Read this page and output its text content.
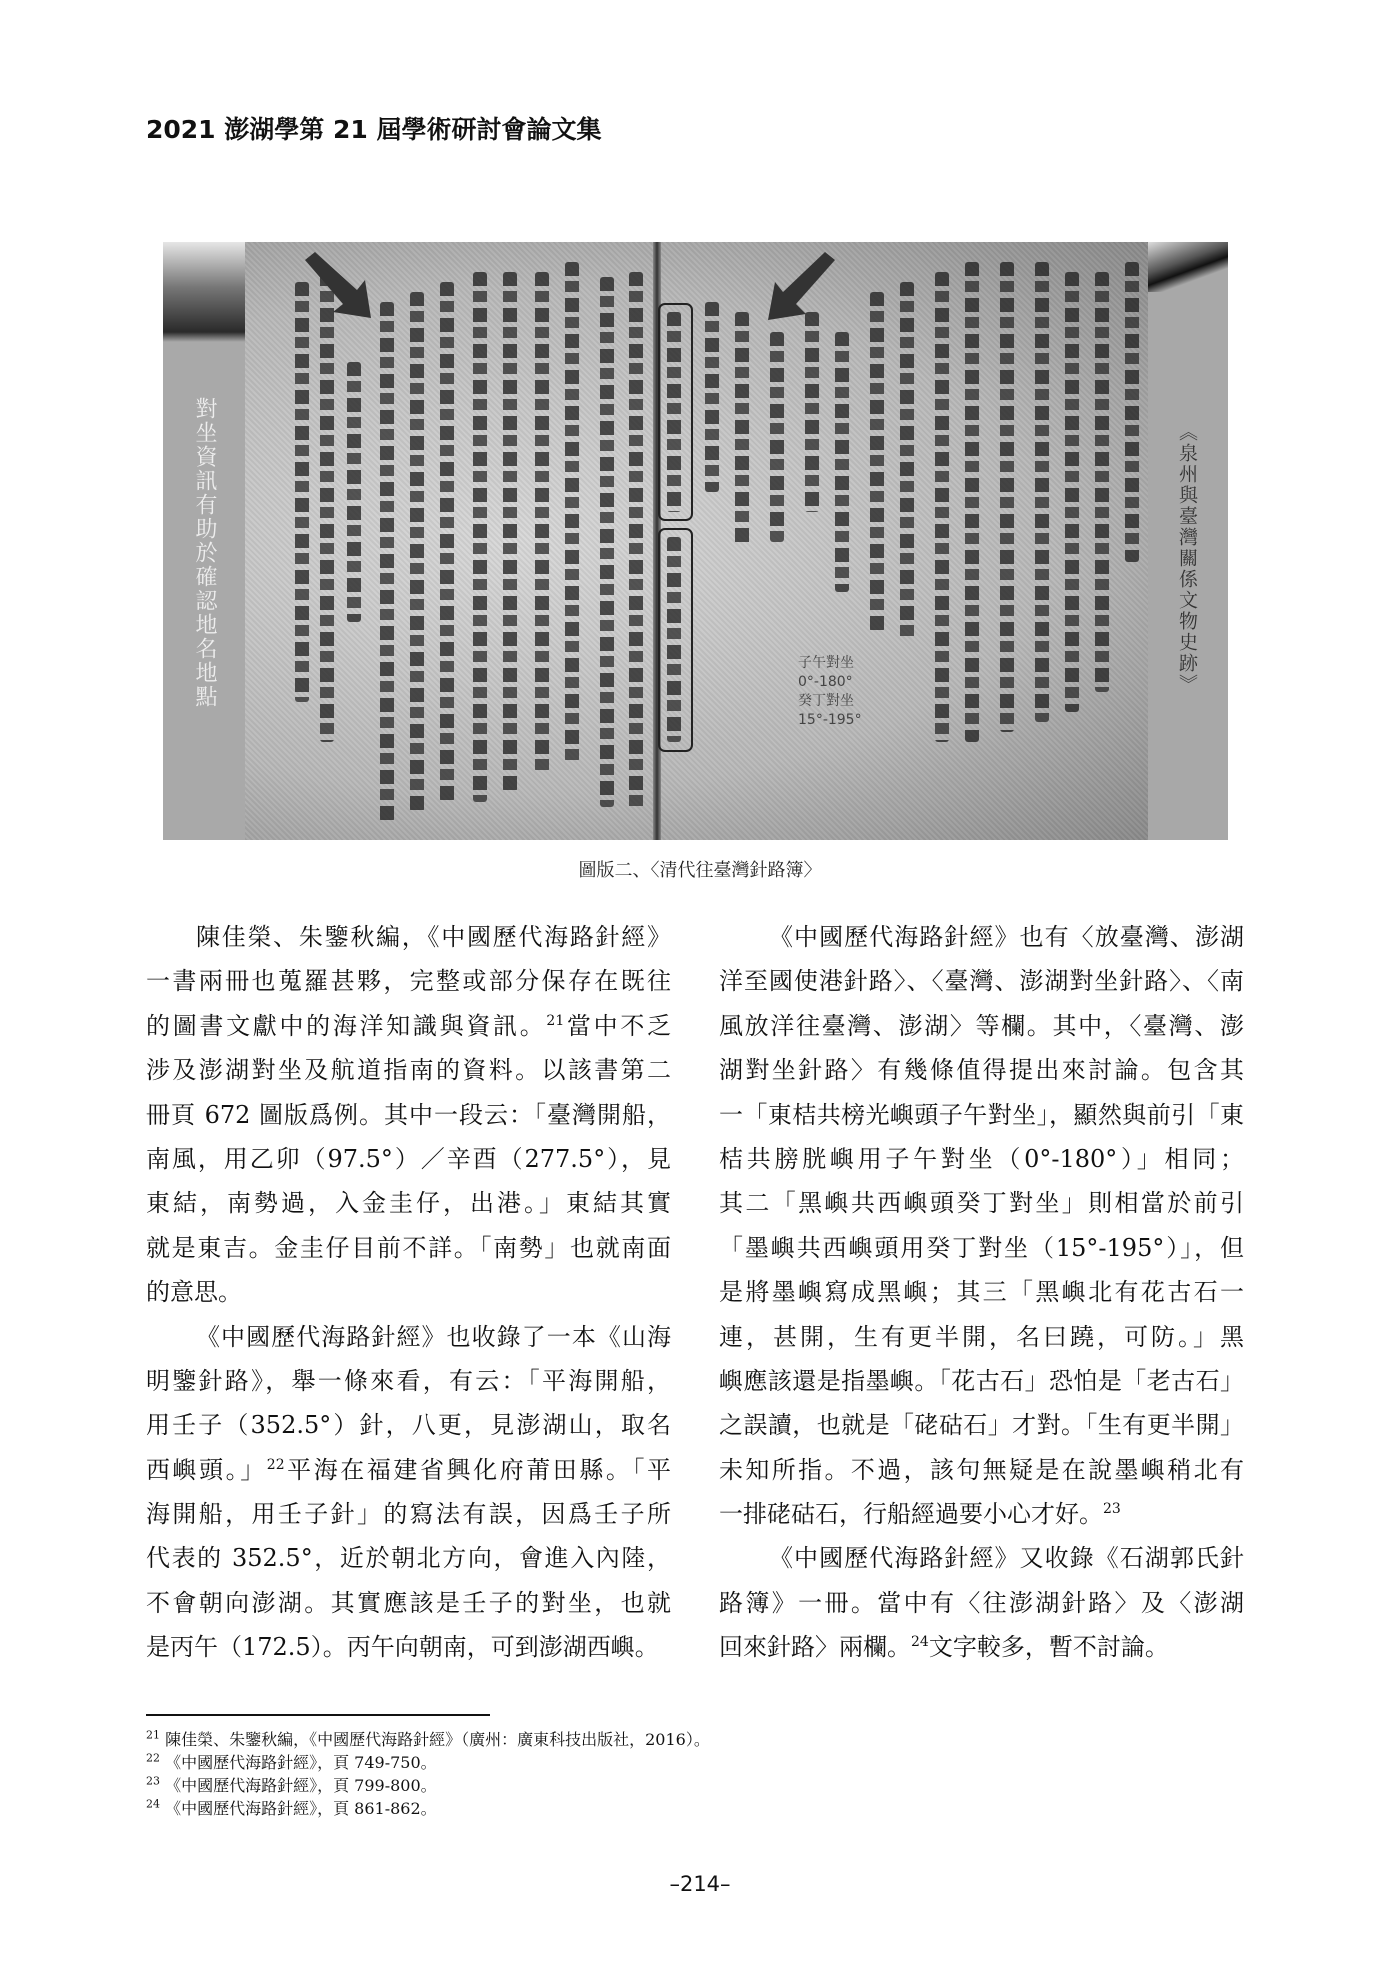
2021 澎湖學第 21 屆學術研討會論文集
對坐資訊有助於確認地名地點	子午對坐
0°-180°
癸丁對坐
15°-195°
《泉州與臺灣關係文物史跡》
圖版二、〈清代往臺灣針路簿〉
陳佳榮、朱鑒秋編，《中國歷代海路針經》
一書兩冊也蒐羅甚夥，完整或部分保存在既往
的圖書文獻中的海洋知識與資訊。$^{21}$當中不乏
涉及澎湖對坐及航道指南的資料。以該書第二
冊頁 672 圖版爲例。其中一段云：「臺灣開船，
南風，用乙卯（97.5°）／辛酉（277.5°），見
東結，南勢過，入金圭仔，出港。」東結其實
就是東吉。金圭仔目前不詳。「南勢」也就南面
的意思。
《中國歷代海路針經》也收錄了一本《山海
明鑒針路》，舉一條來看，有云：「平海開船，
用壬子（352.5°）針，八更，見澎湖山，取名
西嶼頭。」$^{22}$平海在福建省興化府莆田縣。「平
海開船，用壬子針」的寫法有誤，因爲壬子所
代表的 352.5°，近於朝北方向，會進入內陸，
不會朝向澎湖。其實應該是壬子的對坐，也就
是丙午（172.5）。丙午向朝南，可到澎湖西嶼。
《中國歷代海路針經》也有〈放臺灣、澎湖
洋至國使港針路〉、〈臺灣、澎湖對坐針路〉、〈南
風放洋往臺灣、澎湖〉等欄。其中，〈臺灣、澎
湖對坐針路〉有幾條值得提出來討論。包含其
一「東桔共榜光嶼頭子午對坐」，顯然與前引「東
桔共膀胱嶼用子午對坐（0°-180°）」相同；
其二「黑嶼共西嶼頭癸丁對坐」則相當於前引
「墨嶼共西嶼頭用癸丁對坐（15°-195°）」，但
是將墨嶼寫成黑嶼；其三「黑嶼北有花古石一
連，甚開，生有更半開，名曰蹺，可防。」黑
嶼應該還是指墨嶼。「花古石」恐怕是「老古石」
之誤讀，也就是「硓𥑮石」才對。「生有更半開」
未知所指。不過，該句無疑是在說墨嶼稍北有
一排硓𥑮石，行船經過要小心才好。$^{23}$
《中國歷代海路針經》又收錄《石湖郭氏針
路簿》一冊。當中有〈往澎湖針路〉及〈澎湖
回來針路〉兩欄。$^{24}$文字較多，暫不討論。
$^{21}$ 陳佳榮、朱鑒秋編，《中國歷代海路針經》（廣州：廣東科技出版社，2016）。
$^{22}$ 《中國歷代海路針經》，頁 749-750。
$^{23}$ 《中國歷代海路針經》，頁 799-800。
$^{24}$ 《中國歷代海路針經》，頁 861-862。
–214–
